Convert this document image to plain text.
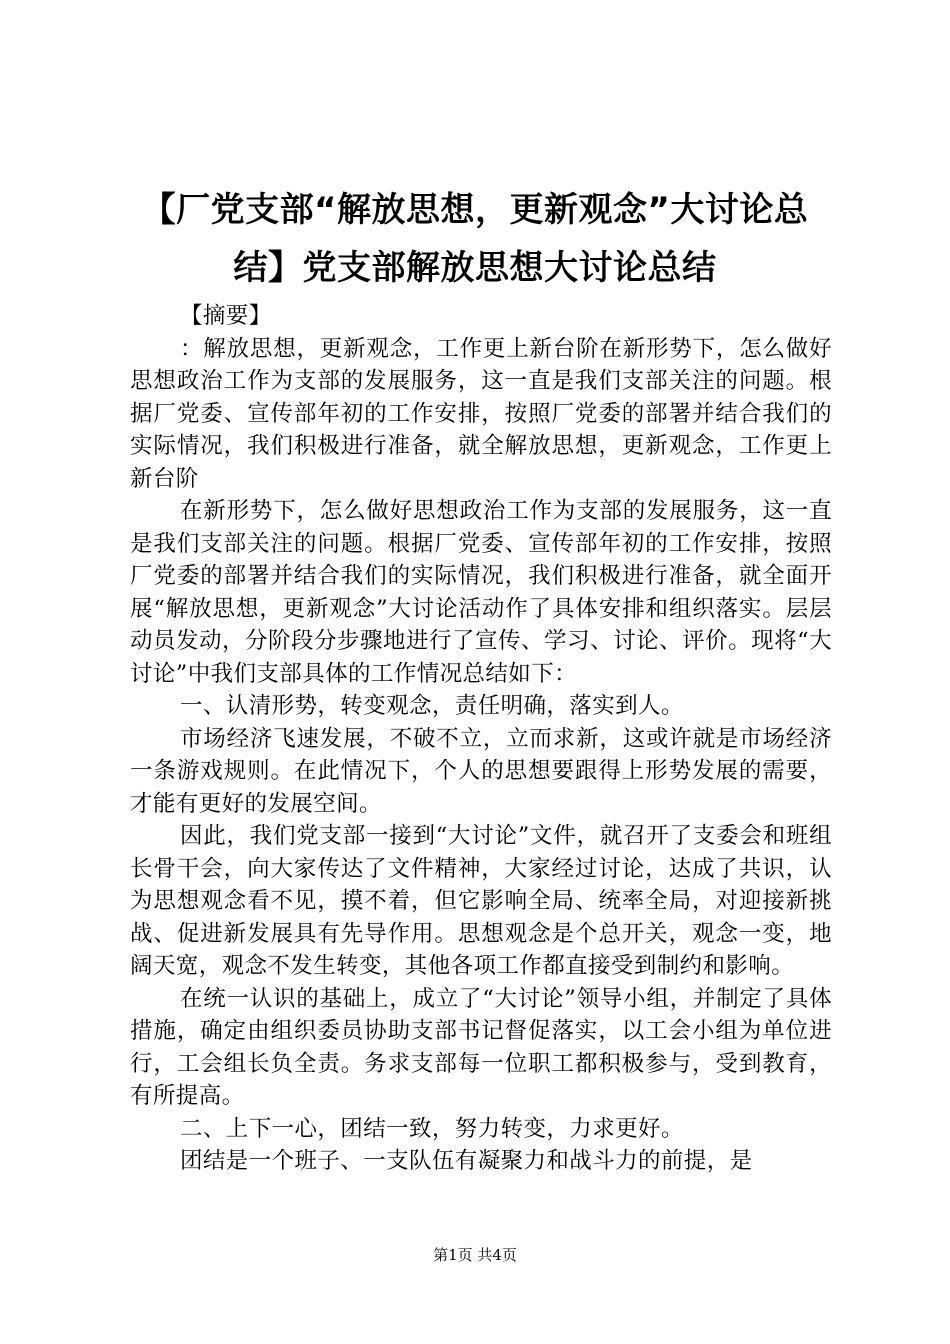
【厂党支部“解放思想，更新观念”大讨论总结】党支部解放思想大讨论总结

【摘要】

：解放思想，更新观念，工作更上新台阶在新形势下，怎么做好思想政治工作为支部的发展服务，这一直是我们支部关注的问题。根据厂党委、宣传部年初的工作安排，按照厂党委的部署并结合我们的实际情况，我们积极进行准备，就全解放思想，更新观念，工作更上新台阶

在新形势下，怎么做好思想政治工作为支部的发展服务，这一直是我们支部关注的问题。根据厂党委、宣传部年初的工作安排，按照厂党委的部署并结合我们的实际情况，我们积极进行准备，就全面开展“解放思想，更新观念”大讨论活动作了具体安排和组织落实。层层动员发动，分阶段分步骤地进行了宣传、学习、讨论、评价。现将“大讨论”中我们支部具体的工作情况总结如下：

一、认清形势，转变观念，责任明确，落实到人。

市场经济飞速发展，不破不立，立而求新，这或许就是市场经济一条游戏规则。在此情况下，个人的思想要跟得上形势发展的需要，才能有更好的发展空间。

因此，我们党支部一接到“大讨论”文件，就召开了支委会和班组长骨干会，向大家传达了文件精神，大家经过讨论，达成了共识，认为思想观念看不见，摸不着，但它影响全局、统率全局，对迎接新挑战、促进新发展具有先导作用。思想观念是个总开关，观念一变，地阔天宽，观念不发生转变，其他各项工作都直接受到制约和影响。

在统一认识的基础上，成立了“大讨论”领导小组，并制定了具体措施，确定由组织委员协助支部书记督促落实，以工会小组为单位进行，工会组长负全责。务求支部每一位职工都积极参与，受到教育，有所提高。

二、上下一心，团结一致，努力转变，力求更好。

团结是一个班子、一支队伍有凝聚力和战斗力的前提，是

第1页 共4页
